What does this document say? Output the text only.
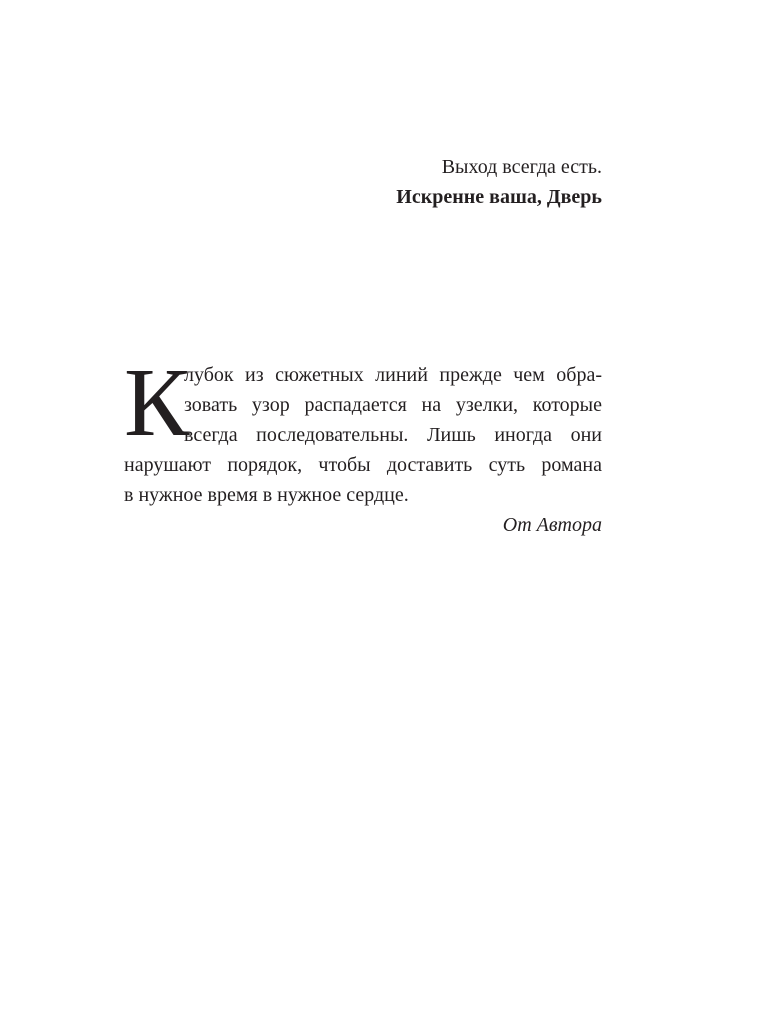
Выход всегда есть.
Искренне ваша, Дверь
К
лубок из сюжетных линий прежде чем обра-
зовать узор распадается на узелки, которые
всегда последовательны. Лишь иногда они
нарушают порядок, чтобы доставить суть романа
в нужное время в нужное сердце.
От Автора
